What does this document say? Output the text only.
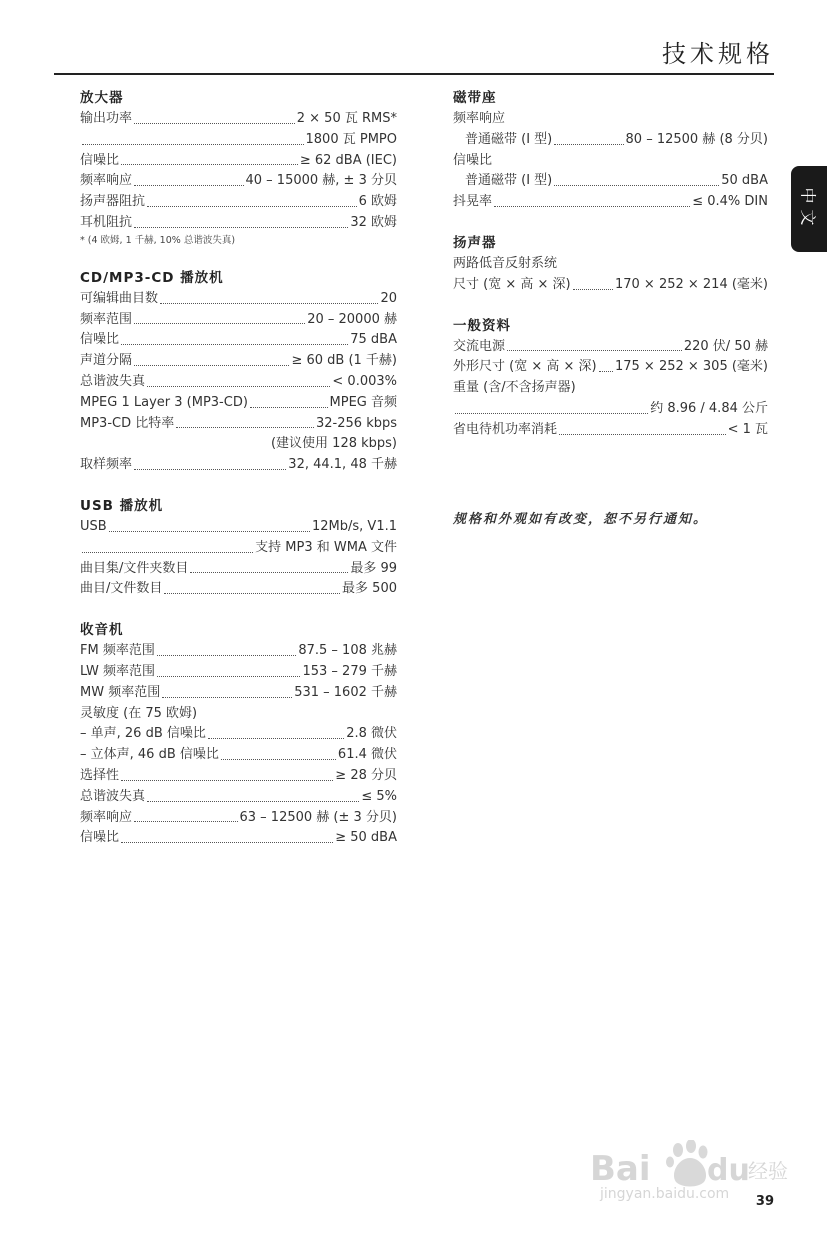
技术规格
中文
放大器
输出功率	2 × 50 瓦 RMS*
1800 瓦 PMPO
信噪比	≥ 62 dBA (IEC)
频率响应	40 – 15000 赫, ± 3 分贝
扬声器阻抗	6 欧姆
耳机阻抗	32 欧姆
* (4 欧姆, 1 千赫, 10% 总谐波失真)
CD/MP3-CD 播放机
可编辑曲目数	20
频率范围	20 – 20000 赫
信噪比	75 dBA
声道分隔	≥ 60 dB (1 千赫)
总谐波失真	< 0.003%
MPEG 1 Layer 3 (MP3-CD)	MPEG 音频
MP3-CD 比特率	32-256 kbps
(建议使用 128 kbps)
取样频率	32, 44.1, 48 千赫
USB 播放机
USB	12Mb/s, V1.1
支持 MP3 和 WMA 文件
曲目集/文件夹数目	最多 99
曲目/文件数目	最多 500
收音机
FM 频率范围	87.5 – 108 兆赫
LW 频率范围	153 – 279 千赫
MW 频率范围	531 – 1602 千赫
灵敏度 (在 75 欧姆)
– 单声, 26 dB 信噪比	2.8 微伏
– 立体声, 46 dB 信噪比	61.4 微伏
选择性	≥ 28 分贝
总谐波失真	≤ 5%
频率响应	63 – 12500 赫 (± 3 分贝)
信噪比	≥ 50 dBA
磁带座
频率响应
普通磁带 (I 型)	80 – 12500 赫 (8 分贝)
信噪比
普通磁带 (I 型)	50 dBA
抖晃率	≤ 0.4% DIN
扬声器
两路低音反射系统
尺寸 (宽 × 高 × 深)	170 × 252 × 214 (毫米)
一般资料
交流电源	220 伏/ 50 赫
外形尺寸 (宽 × 高 × 深) 175 × 252 × 305 (毫米)
重量 (含/不含扬声器)
约 8.96 / 4.84 公斤
省电待机功率消耗	< 1 瓦
规格和外观如有改变，恕不另行通知。
Bai du
经验
jingyan.baidu.com 39
